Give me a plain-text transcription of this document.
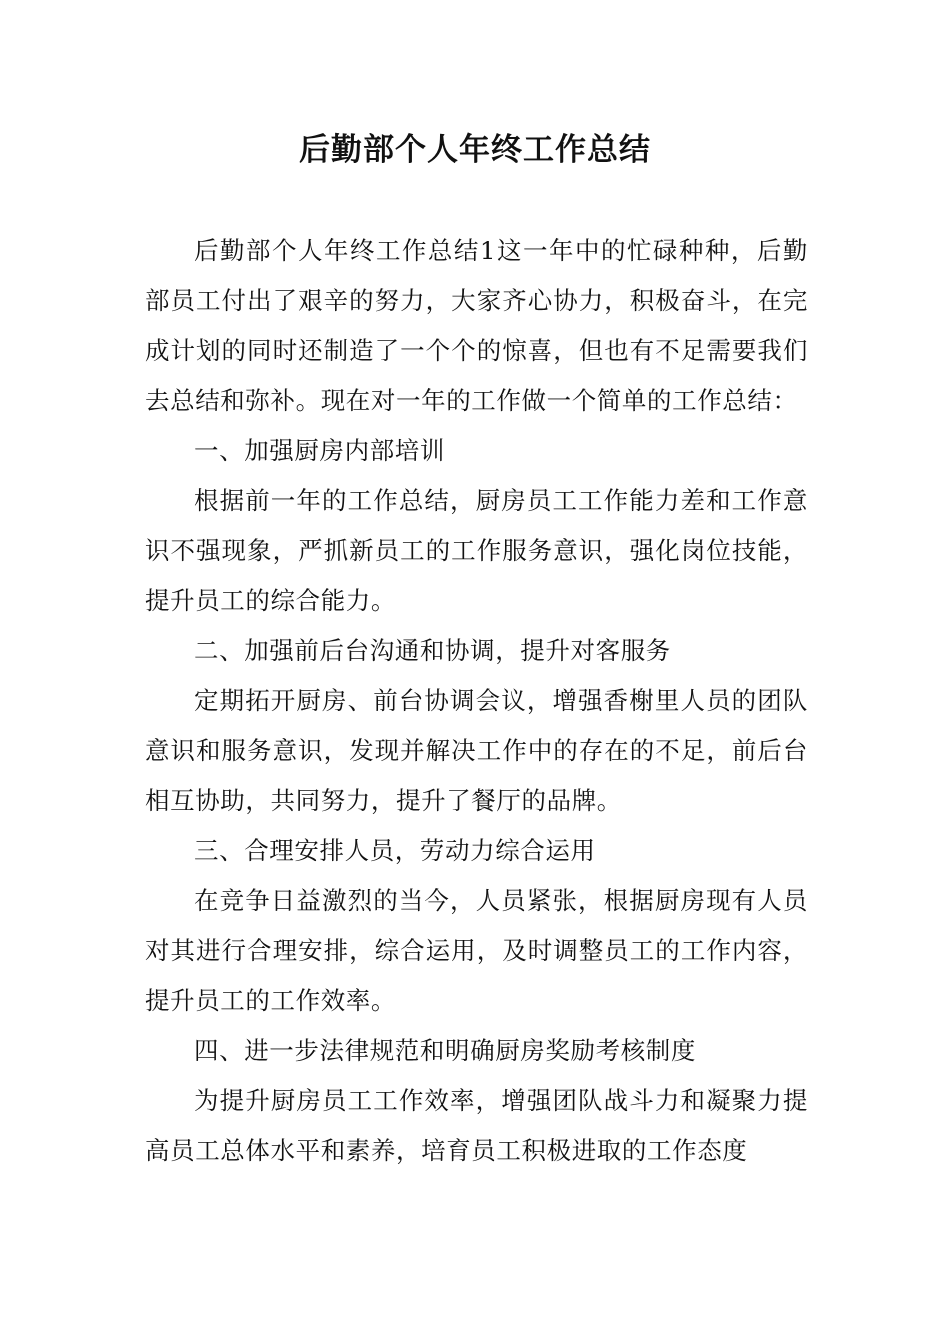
后勤部个人年终工作总结

后勤部个人年终工作总结1这一年中的忙碌种种，后勤部员工付出了艰辛的努力，大家齐心协力，积极奋斗，在完成计划的同时还制造了一个个的惊喜，但也有不足需要我们去总结和弥补。现在对一年的工作做一个简单的工作总结：

一、加强厨房内部培训

根据前一年的工作总结，厨房员工工作能力差和工作意识不强现象，严抓新员工的工作服务意识，强化岗位技能，提升员工的综合能力。

二、加强前后台沟通和协调，提升对客服务

定期拓开厨房、前台协调会议，增强香榭里人员的团队意识和服务意识，发现并解决工作中的存在的不足，前后台相互协助，共同努力，提升了餐厅的品牌。

三、合理安排人员，劳动力综合运用

在竞争日益激烈的当今，人员紧张，根据厨房现有人员对其进行合理安排，综合运用，及时调整员工的工作内容，提升员工的工作效率。

四、进一步法律规范和明确厨房奖励考核制度

为提升厨房员工工作效率，增强团队战斗力和凝聚力提高员工总体水平和素养，培育员工积极进取的工作态度
